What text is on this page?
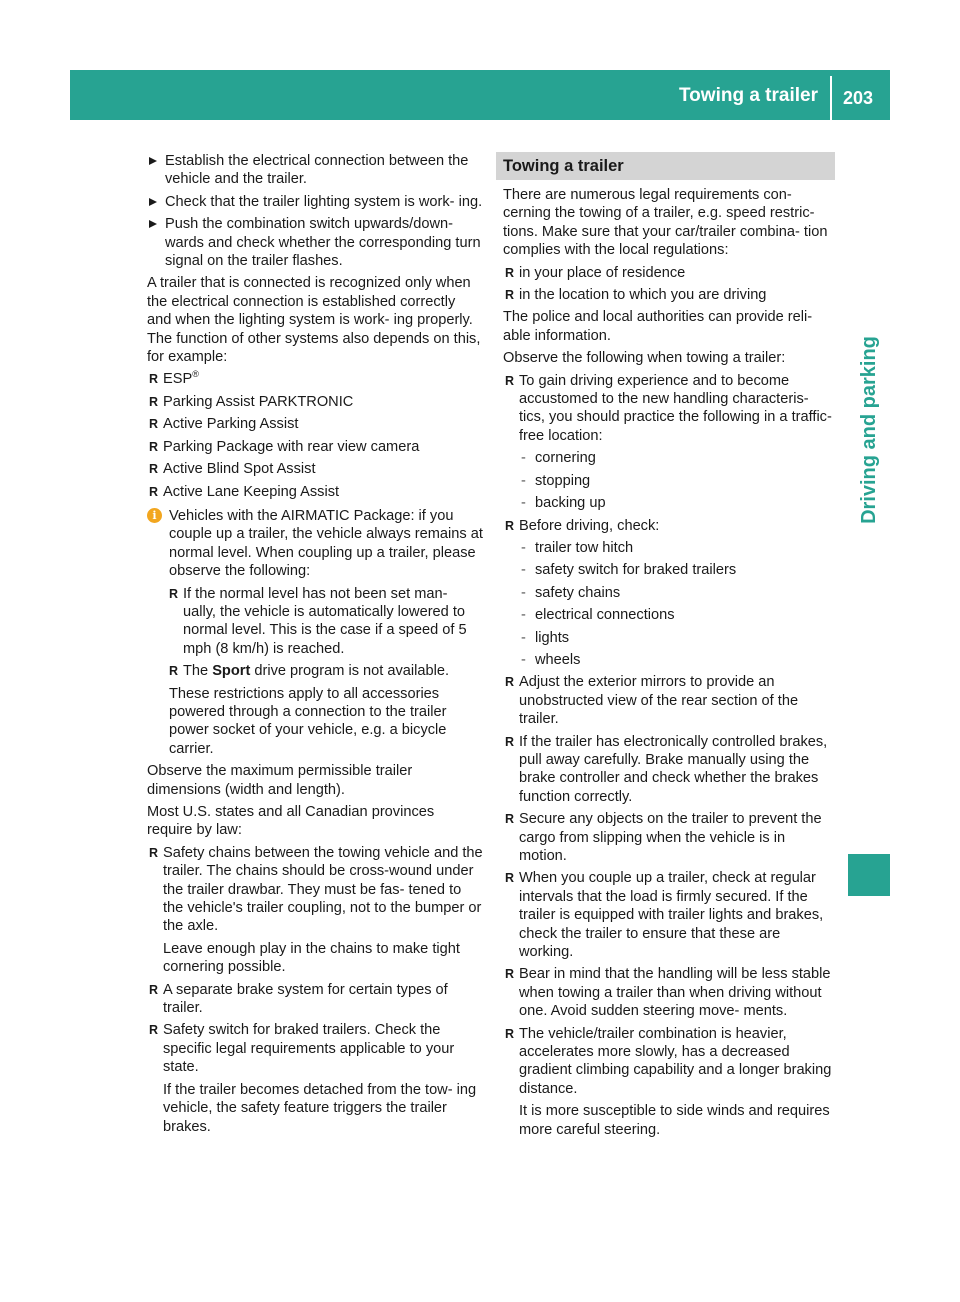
Towing a trailer 203
Driving and parking
Establish the electrical connection between the vehicle and the trailer.
Check that the trailer lighting system is work- ing.
Push the combination switch upwards/down- wards and check whether the corresponding turn signal on the trailer flashes.

A trailer that is connected is recognized only when the electrical connection is established correctly and when the lighting system is work- ing properly. The function of other systems also depends on this, for example:

R ESP®
R Parking Assist PARKTRONIC
R Active Parking Assist
R Parking Package with rear view camera
R Active Blind Spot Assist
R Active Lane Keeping Assist
i Vehicles with the AIRMATIC Package: if you couple up a trailer, the vehicle always remains at normal level. When coupling up a trailer, please observe the following:

R If the normal level has not been set man- ually, the vehicle is automatically lowered to normal level. This is the case if a speed of 5 mph (8 km/h) is reached.
R The Sport drive program is not available.

These restrictions apply to all accessories powered through a connection to the trailer power socket of your vehicle, e.g. a bicycle carrier.

Observe the maximum permissible trailer dimensions (width and length).

Most U.S. states and all Canadian provinces require by law:

R Safety chains between the towing vehicle and the trailer. The chains should be cross-wound under the trailer drawbar. They must be fas- tened to the vehicle's trailer coupling, not to the bumper or the axle.
Leave enough play in the chains to make tight cornering possible.
R A separate brake system for certain types of trailer.
R Safety switch for braked trailers. Check the specific legal requirements applicable to your state.
If the trailer becomes detached from the tow- ing vehicle, the safety feature triggers the trailer brakes.
Towing a trailer

There are numerous legal requirements con- cerning the towing of a trailer, e.g. speed restric- tions. Make sure that your car/trailer combina- tion complies with the local regulations:

R in your place of residence
R in the location to which you are driving

The police and local authorities can provide reli- able information.

Observe the following when towing a trailer:

R To gain driving experience and to become accustomed to the new handling characteris- tics, you should practice the following in a traffic-free location:
- cornering
- stopping
- backing up
R Before driving, check:
- trailer tow hitch
- safety switch for braked trailers
- safety chains
- electrical connections
- lights
- wheels
R Adjust the exterior mirrors to provide an unobstructed view of the rear section of the trailer.
R If the trailer has electronically controlled brakes, pull away carefully. Brake manually using the brake controller and check whether the brakes function correctly.
R Secure any objects on the trailer to prevent the cargo from slipping when the vehicle is in motion.
R When you couple up a trailer, check at regular intervals that the load is firmly secured. If the trailer is equipped with trailer lights and brakes, check the trailer to ensure that these are working.
R Bear in mind that the handling will be less stable when towing a trailer than when driving without one. Avoid sudden steering move- ments.
R The vehicle/trailer combination is heavier, accelerates more slowly, has a decreased gradient climbing capability and a longer braking distance.
It is more susceptible to side winds and requires more careful steering.
